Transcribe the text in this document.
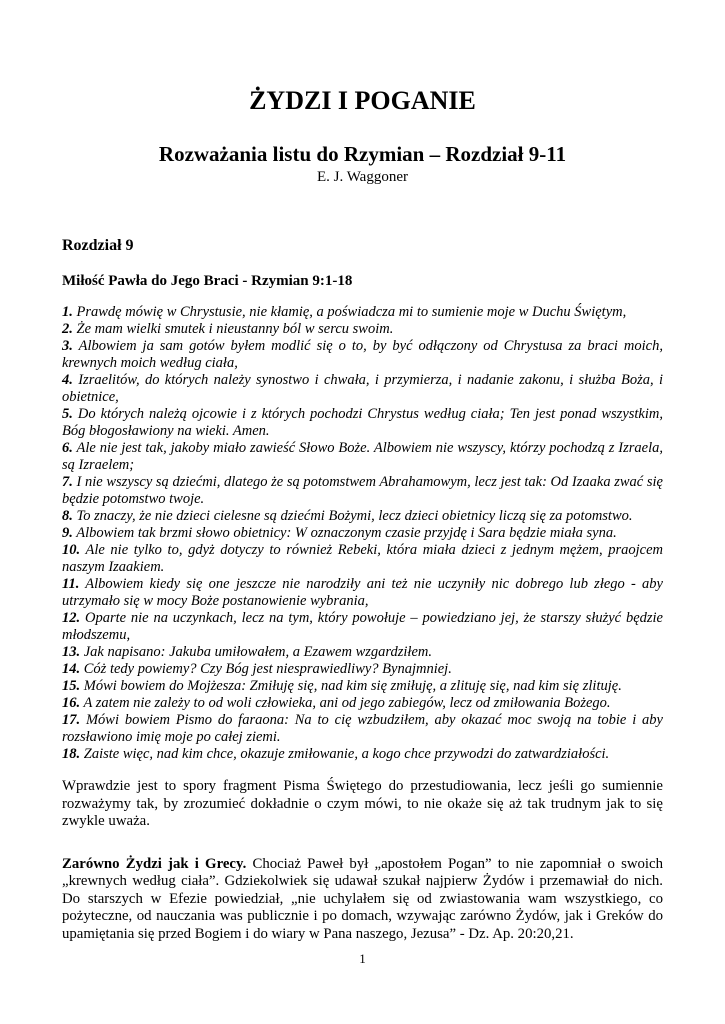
ŻYDZI I POGANIE
Rozważania listu do Rzymian – Rozdział 9-11
E. J. Waggoner
Rozdział 9
Miłość Pawła do Jego Braci - Rzymian 9:1-18

1. Prawdę mówię w Chrystusie, nie kłamię, a poświadcza mi to sumienie moje w Duchu Świętym,

2. Że mam wielki smutek i nieustanny ból w sercu swoim.

3. Albowiem ja sam gotów byłem modlić się o to, by być odłączony od Chrystusa za braci moich, krewnych moich według ciała,

4. Izraelitów, do których należy synostwo i chwała, i przymierza, i nadanie zakonu, i służba Boża, i obietnice,

5. Do których należą ojcowie i z których pochodzi Chrystus według ciała; Ten jest ponad wszystkim, Bóg błogosławiony na wieki. Amen.

6. Ale nie jest tak, jakoby miało zawieść Słowo Boże. Albowiem nie wszyscy, którzy pochodzą z Izraela, są Izraelem;

7. I nie wszyscy są dziećmi, dlatego że są potomstwem Abrahamowym, lecz jest tak: Od Izaaka zwać się będzie potomstwo twoje.

8. To znaczy, że nie dzieci cielesne są dziećmi Bożymi, lecz dzieci obietnicy liczą się za potomstwo.

9. Albowiem tak brzmi słowo obietnicy: W oznaczonym czasie przyjdę i Sara będzie miała syna.

10. Ale nie tylko to, gdyż dotyczy to również Rebeki, która miała dzieci z jednym mężem, praojcem naszym Izaakiem.

11. Albowiem kiedy się one jeszcze nie narodziły ani też nie uczyniły nic dobrego lub złego - aby utrzymało się w mocy Boże postanowienie wybrania,

12. Oparte nie na uczynkach, lecz na tym, który powołuje – powiedziano jej, że starszy służyć będzie młodszemu,

13. Jak napisano: Jakuba umiłowałem, a Ezawem wzgardziłem.

14. Cóż tedy powiemy? Czy Bóg jest niesprawiedliwy? Bynajmniej.

15. Mówi bowiem do Mojżesza: Zmiłuję się, nad kim się zmiłuję, a zlituję się, nad kim się zlituję.

16. A zatem nie zależy to od woli człowieka, ani od jego zabiegów, lecz od zmiłowania Bożego.

17. Mówi bowiem Pismo do faraona: Na to cię wzbudziłem, aby okazać moc swoją na tobie i aby rozsławiono imię moje po całej ziemi.

18. Zaiste więc, nad kim chce, okazuje zmiłowanie, a kogo chce przywodzi do zatwardziałości.

Wprawdzie jest to spory fragment Pisma Świętego do przestudiowania, lecz jeśli go sumiennie rozważymy tak, by zrozumieć dokładnie o czym mówi, to nie okaże się aż tak trudnym jak to się zwykle uważa.

Zarówno Żydzi jak i Grecy. Chociaż Paweł był „apostołem Pogan” to nie zapomniał o swoich „krewnych według ciała”. Gdziekolwiek się udawał szukał najpierw Żydów i przemawiał do nich. Do starszych w Efezie powiedział, „nie uchylałem się od zwiastowania wam wszystkiego, co pożyteczne, od nauczania was publicznie i po domach, wzywając zarówno Żydów, jak i Greków do upamiętania się przed Bogiem i do wiary w Pana naszego, Jezusa” - Dz. Ap. 20:20,21.

1
